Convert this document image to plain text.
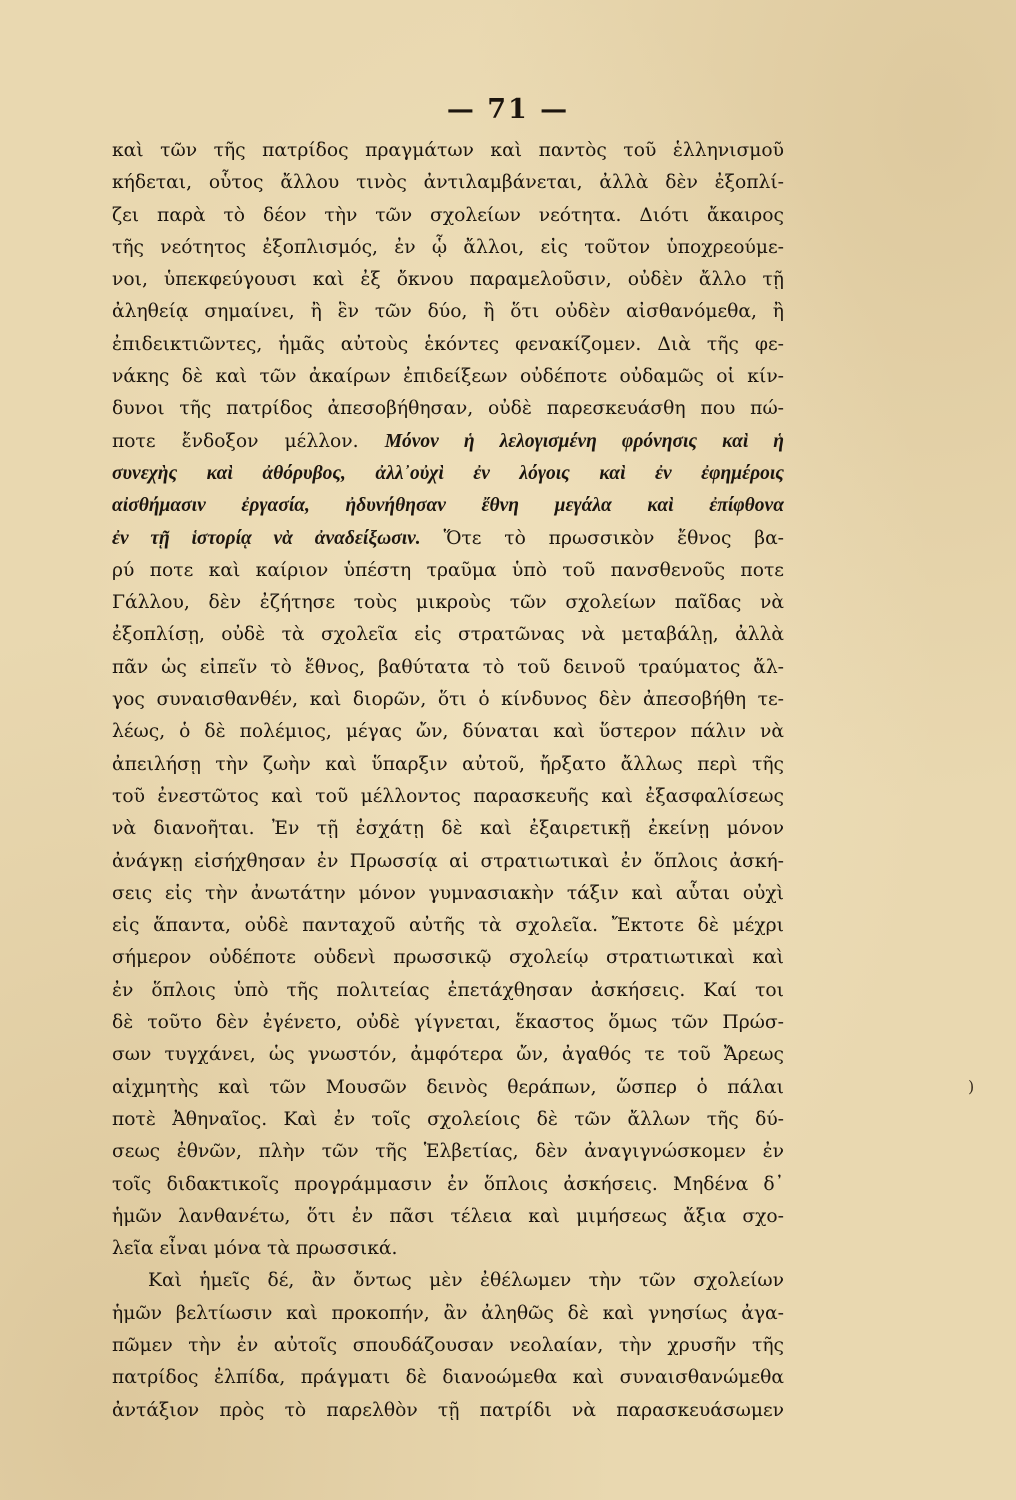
— 71 —
καὶ τῶν τῆς πατρίδος πραγμάτων καὶ παντὸς τοῦ ἑλληνισμοῦ
κήδεται, οὗτος ἄλλου τινὸς ἀντιλαμβάνεται, ἀλλὰ δὲν ἐξοπλί-
ζει παρὰ τὸ δέον τὴν τῶν σχολείων νεότητα. Διότι ἄκαιρος
τῆς νεότητος ἐξοπλισμός, ἐν ᾧ ἄλλοι, εἰς τοῦτον ὑποχρεούμε-
νοι, ὑπεκφεύγουσι καὶ ἐξ ὄκνου παραμελοῦσιν, οὐδὲν ἄλλο τῇ
ἀληθείᾳ σημαίνει, ἢ ἓν τῶν δύο, ἢ ὅτι οὐδὲν αἰσθανόμεθα, ἢ
ἐπιδεικτιῶντες, ἡμᾶς αὐτοὺς ἑκόντες φενακίζομεν. Διὰ τῆς φε-
νάκης δὲ καὶ τῶν ἀκαίρων ἐπιδείξεων οὐδέποτε οὐδαμῶς οἱ κίν-
δυνοι τῆς πατρίδος ἀπεσοβήθησαν, οὐδὲ παρεσκευάσθη που πώ-
ποτε ἔνδοξον μέλλον. Μόνον ἡ λελογισμένη φρόνησις καὶ ἡ
συνεχὴς καὶ ἀθόρυβος, ἀλλ᾽οὐχὶ ἐν λόγοις καὶ ἐν ἐφημέροις
αἰσθήμασιν ἐργασία, ἠδυνήθησαν ἔθνη μεγάλα καὶ ἐπίφθονα
ἐν τῇ ἱστορίᾳ νὰ ἀναδείξωσιν. Ὅτε τὸ πρωσσικὸν ἔθνος βα-
ρύ ποτε καὶ καίριον ὑπέστη τραῦμα ὑπὸ τοῦ πανσθενοῦς ποτε
Γάλλου, δὲν ἐζήτησε τοὺς μικροὺς τῶν σχολείων παῖδας νὰ
ἐξοπλίσῃ, οὐδὲ τὰ σχολεῖα εἰς στρατῶνας νὰ μεταβάλῃ, ἀλλὰ
πᾶν ὡς εἰπεῖν τὸ ἔθνος, βαθύτατα τὸ τοῦ δεινοῦ τραύματος ἄλ-
γος συναισθανθέν, καὶ διορῶν, ὅτι ὁ κίνδυνος δὲν ἀπεσοβήθη τε-
λέως, ὁ δὲ πολέμιος, μέγας ὤν, δύναται καὶ ὕστερον πάλιν νὰ
ἀπειλήσῃ τὴν ζωὴν καὶ ὕπαρξιν αὐτοῦ, ἤρξατο ἄλλως περὶ τῆς
τοῦ ἐνεστῶτος καὶ τοῦ μέλλοντος παρασκευῆς καὶ ἐξασφαλίσεως
νὰ διανοῆται. Ἐν τῇ ἐσχάτῃ δὲ καὶ ἐξαιρετικῇ ἐκείνῃ μόνον
ἀνάγκῃ εἰσήχθησαν ἐν Πρωσσίᾳ αἱ στρατιωτικαὶ ἐν ὅπλοις ἀσκή-
σεις εἰς τὴν ἀνωτάτην μόνον γυμνασιακὴν τάξιν καὶ αὗται οὐχὶ
εἰς ἅπαντα, οὐδὲ πανταχοῦ αὐτῆς τὰ σχολεῖα. Ἔκτοτε δὲ μέχρι
σήμερον οὐδέποτε οὐδενὶ πρωσσικῷ σχολείῳ στρατιωτικαὶ καὶ
ἐν ὅπλοις ὑπὸ τῆς πολιτείας ἐπετάχθησαν ἀσκήσεις. Καί τοι
δὲ τοῦτο δὲν ἐγένετο, οὐδὲ γίγνεται, ἕκαστος ὅμως τῶν Πρώσ-
σων τυγχάνει, ὡς γνωστόν, ἀμφότερα ὤν, ἀγαθός τε τοῦ Ἄρεως
αἰχμητὴς καὶ τῶν Μουσῶν δεινὸς θεράπων, ὥσπερ ὁ πάλαι
ποτὲ Ἀθηναῖος. Καὶ ἐν τοῖς σχολείοις δὲ τῶν ἄλλων τῆς δύ-
σεως ἐθνῶν, πλὴν τῶν τῆς Ἑλβετίας, δὲν ἀναγιγνώσκομεν ἐν
τοῖς διδακτικοῖς προγράμμασιν ἐν ὅπλοις ἀσκήσεις. Μηδένα δ᾽
ἡμῶν λανθανέτω, ὅτι ἐν πᾶσι τέλεια καὶ μιμήσεως ἄξια σχο-
λεῖα εἶναι μόνα τὰ πρωσσικά.
Καὶ ἡμεῖς δέ, ἂν ὄντως μὲν ἐθέλωμεν τὴν τῶν σχολείων
ἡμῶν βελτίωσιν καὶ προκοπήν, ἂν ἀληθῶς δὲ καὶ γνησίως ἀγα-
πῶμεν τὴν ἐν αὐτοῖς σπουδάζουσαν νεολαίαν, τὴν χρυσῆν τῆς
πατρίδος ἐλπίδα, πράγματι δὲ διανοώμεθα καὶ συναισθανώμεθα
ἀντάξιον πρὸς τὸ παρελθὸν τῇ πατρίδι νὰ παρασκευάσωμεν
)
